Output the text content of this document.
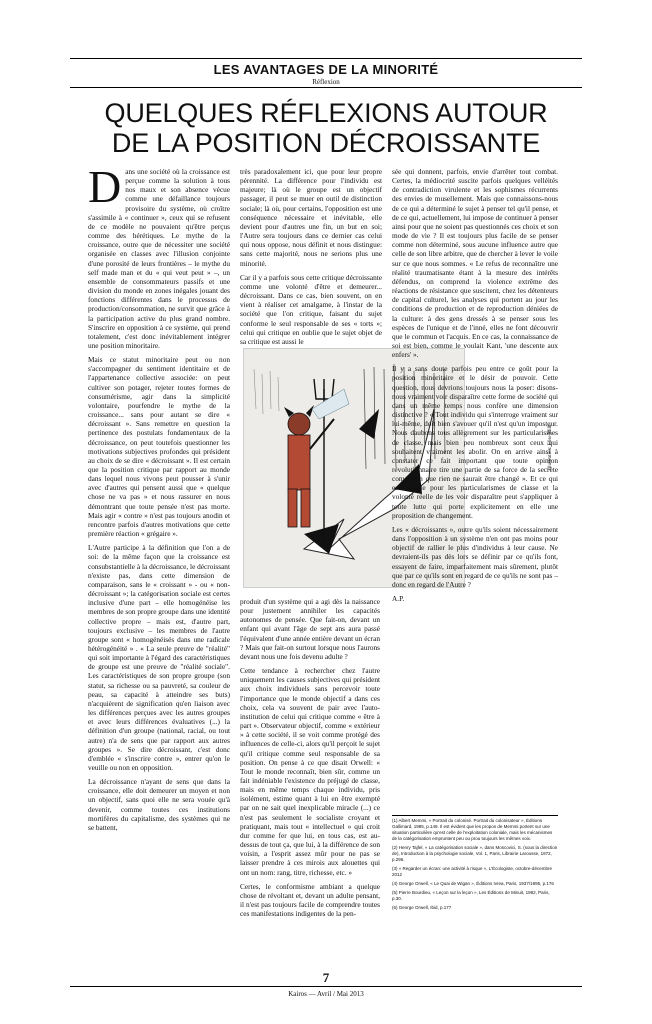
LES AVANTAGES DE LA MINORITÉ
Réflexion
QUELQUES RÉFLEXIONS AUTOUR
DE LA POSITION DÉCROISSANTE

Dans une société où la croissance est perçue comme la solution à tous nos maux et son absence vécue comme une défaillance toujours provisoire du système, où croître s'assimile à « continuer », ceux qui se refusent de ce modèle ne pouvaient qu'être perçus comme des hérétiques. Le mythe de la croissance, outre que de nécessiter une société organisée en classes avec l'illusion conjointe d'une porosité de leurs frontières – le mythe du self made man et du « qui veut peut » –, un ensemble de consommateurs passifs et une division du monde en zones inégales jouant des fonctions différentes dans le processus de production/consommation, ne survit que grâce à la participation active du plus grand nombre. S'inscrire en opposition à ce système, qui prend totalement, c'est donc inévitablement intégrer une position minoritaire.

Mais ce statut minoritaire peut ou non s'accompagner du sentiment identitaire et de l'appartenance collective associée: on peut cultiver son potager, rejeter toutes formes de consumérisme, agir dans la simplicité volontaire, pourfendre le mythe de la croissance... sans pour autant se dire « décroissant ». Sans remettre en question la pertinence des postulats fondamentaux de la décroissance, on peut toutefois questionner les motivations subjectives profondes qui président au choix de se dire « décroissant ». Il est certain que la position critique par rapport au monde dans lequel nous vivons peut pousser à s'unir avec d'autres qui pensent aussi que « quelque chose ne va pas » et nous rassurer en nous démontrant que toute pensée n'est pas morte. Mais agir « contre » n'est pas toujours anodin et rencontre parfois d'autres motivations que cette première réaction « grégaire ».

L'Autre participe à la définition que l'on a de soi: de la même façon que la croissance est consubstantielle à la décroissance, le décroissant n'existe pas, dans cette dimension de comparaison, sans le « croissant » - ou « non-décroissant »; la catégorisation sociale est certes inclusive d'une part – elle homogénéise les membres de son propre groupe dans une identité collective propre – mais est, d'autre part, toujours exclusive – les membres de l'autre groupe sont « homogénéisés dans une radicale hétérogénéité » . « La seule preuve de "réalité" qui soit importante à l'égard des caractéristiques de groupe est une preuve de "réalité sociale". Les caractéristiques de son propre groupe (son statut, sa richesse ou sa pauvreté, sa couleur de peau, sa capacité à atteindre ses buts) n'acquièrent de signification qu'en liaison avec les différences perçues avec les autres groupes et avec leurs différences évaluatives (...) la définition d'un groupe (national, racial, ou tout autre) n'a de sens que par rapport aux autres groupes ». Se dire décroissant, c'est donc d'emblée « s'inscrire contre », entrer qu'on le veuille ou non en opposition.

La décroissance n'ayant de sens que dans la croissance, elle doit demeurer un moyen et non un objectif, sans quoi elle ne sera vouée qu'à devenir, comme toutes ces institutions mortifères du capitalisme, des systèmes qui ne se battent,

très paradoxalement ici, que pour leur propre pérennité. La différence pour l'individu est majeure; là où le groupe est un objectif passager, il peut se muer en outil de distinction sociale; là où, pour certains, l'opposition est une conséquence nécessaire et inévitable, elle devient pour d'autres une fin, un but en soi; l'Autre sera toujours dans ce dernier cas celui qui nous oppose, nous définit et nous distingue: sans cette majorité, nous ne serions plus une minorité.

Car il y a parfois sous cette critique décroissante comme une volonté d'être et demeurer... décroissant. Dans ce cas, bien souvent, on en vient à réaliser cet amalgame, à l'instar de la société que l'on critique, faisant du sujet conforme le seul responsable de ses « torts »; celui qui critique en oublie que le sujet objet de sa critique est aussi le

Illustration: Elise Milk

produit d'un système qui a agi dès la naissance pour justement annihiler les capacités autonomes de pensée. Que fait-on, devant un enfant qui avant l'âge de sept ans aura passé l'équivalent d'une année entière devant un écran ? Mais que fait-on surtout lorsque nous l'aurons devant nous une fois devenu adulte ?

Cette tendance à rechercher chez l'autre uniquement les causes subjectives qui président aux choix individuels sans percevoir toute l'importance que le monde objectif a dans ces choix, cela va souvent de pair avec l'auto-institution de celui qui critique comme « être à part ». Observateur objectif, comme « extérieur » à cette société, il se voit comme protégé des influences de celle-ci, alors qu'il perçoit le sujet qu'il critique comme seul responsable de sa position. On pense à ce que disait Orwell: « Tout le monde reconnaît, bien sûr, comme un fait indéniable l'existence du préjugé de classe, mais en même temps chaque individu, pris isolément, estime quant à lui en être exempté par on ne sait quel inexplicable miracle (...) ce n'est pas seulement le socialiste croyant et pratiquant, mais tout « intellectuel » qui croit dur comme fer que lui, en tous cas, est au-dessus de tout ça, que lui, à la différence de son voisin, a l'esprit assez mûr pour ne pas se laisser prendre à ces mirois aux alouettes qui ont un nom: rang, titre, richesse, etc. »

Certes, le conformisme ambiant a quelque chose de révoltant et, devant un adulte pensant, il n'est pas toujours facile de comprendre toutes ces manifestations indigentes de la pen-

sée qui donnent, parfois, envie d'arrêter tout combat. Certes, la médiocrité suscite parfois quelques velléités de contradiction virulente et les sophismes récurrents des envies de musellement. Mais que connaissons-nous de ce qui a déterminé le sujet à penser tel qu'il pense, et de ce qui, actuellement, lui impose de continuer à penser ainsi pour que ne soient pas questionnés ces choix et son mode de vie ? Il est toujours plus facile de se penser comme non déterminé, sous aucune influence autre que celle de son libre arbitre, que de chercher à lever le voile sur ce que nous sommes. « Le refus de reconnaître une réalité traumatisante étant à la mesure des intérêts défendus, on comprend la violence extrême des réactions de résistance que suscitent, chez les détenteurs de capital culturel, les analyses qui portent au jour les conditions de production et de reproduction déniées de la culture: à des gens dressés à se penser sous les espèces de l'unique et de l'inné, elles ne font découvrir que le commun et l'acquis. En ce cas, la connaissance de soi est bien, comme le voulait Kant, 'une descente aux enfers' ».

Il y a sans doute parfois peu entre ce goût pour la position minoritaire et le désir de pouvoir. Cette question, nous devrions toujours nous la poser: disons-nous vraiment voir disparaître cette forme de société qui dans un même temps nous confère une dimension distinctive ? « Tout individu qui s'interroge vraiment sur lui-même, doit bien s'avouer qu'il n'est qu'un imposteur. Nous daubons tous allègrement sur les particularismes de classe, mais bien peu nombreux sont ceux qui souhaitent vraiment les abolir. On en arrive ainsi à constater ce fait important que toute opinion révolutionnaire tire une partie de sa force de la secrète conviction que rien ne saurait être changé ». Et ce qui est valable pour les particularismes de classe et la volonté réelle de les voir disparaître peut s'appliquer à toute lutte qui porte explicitement en elle une proposition de changement.

Les « décroissants », outre qu'ils soient nécessairement dans l'opposition à un système n'en ont pas moins pour objectif de rallier le plus d'individus à leur cause. Ne devraient-ils pas dès lors se définir par ce qu'ils font, essayent de faire, imparfaitement mais sûrement, plutôt que par ce qu'ils sont en regard de ce qu'ils ne sont pas – donc en regard de l'Autre ?

A.P.

(1) Albert Memmi, « Portrait du colonisé. Portrait du colonisateur », Éditions Gallimard, 1985, p.149. Il est évident que les propos de Memmi portent sur une situation particulière qu'est celle de l'exploitation coloniale, mais les mécanismes de la catégorisation empruntent peu ou prou toujours les mêmes voix.
(2) Henry Tajfel, « La catégorisation sociale », dans Moscovici, S. (sous la direction de), Introduction à la psychologie sociale, Vol. 1, Paris, Librairie Larousse, 1972, p.296.
(3) « Regarder un écran: une activité à risque », L'Écologiste, octobre-décembre 2012
(4) George Orwell, « Le Quai de Wigan », Éditions Ivrea, Paris, 1937/1995, p.176
(5) Pierre Bourdieu, « Leçon sur la leçon », Les Éditions de Minuit, 1982, Paris, p.30.
(6) George Orwell, Ibid, p.177
7
Kairos — Avril / Mai 2013
